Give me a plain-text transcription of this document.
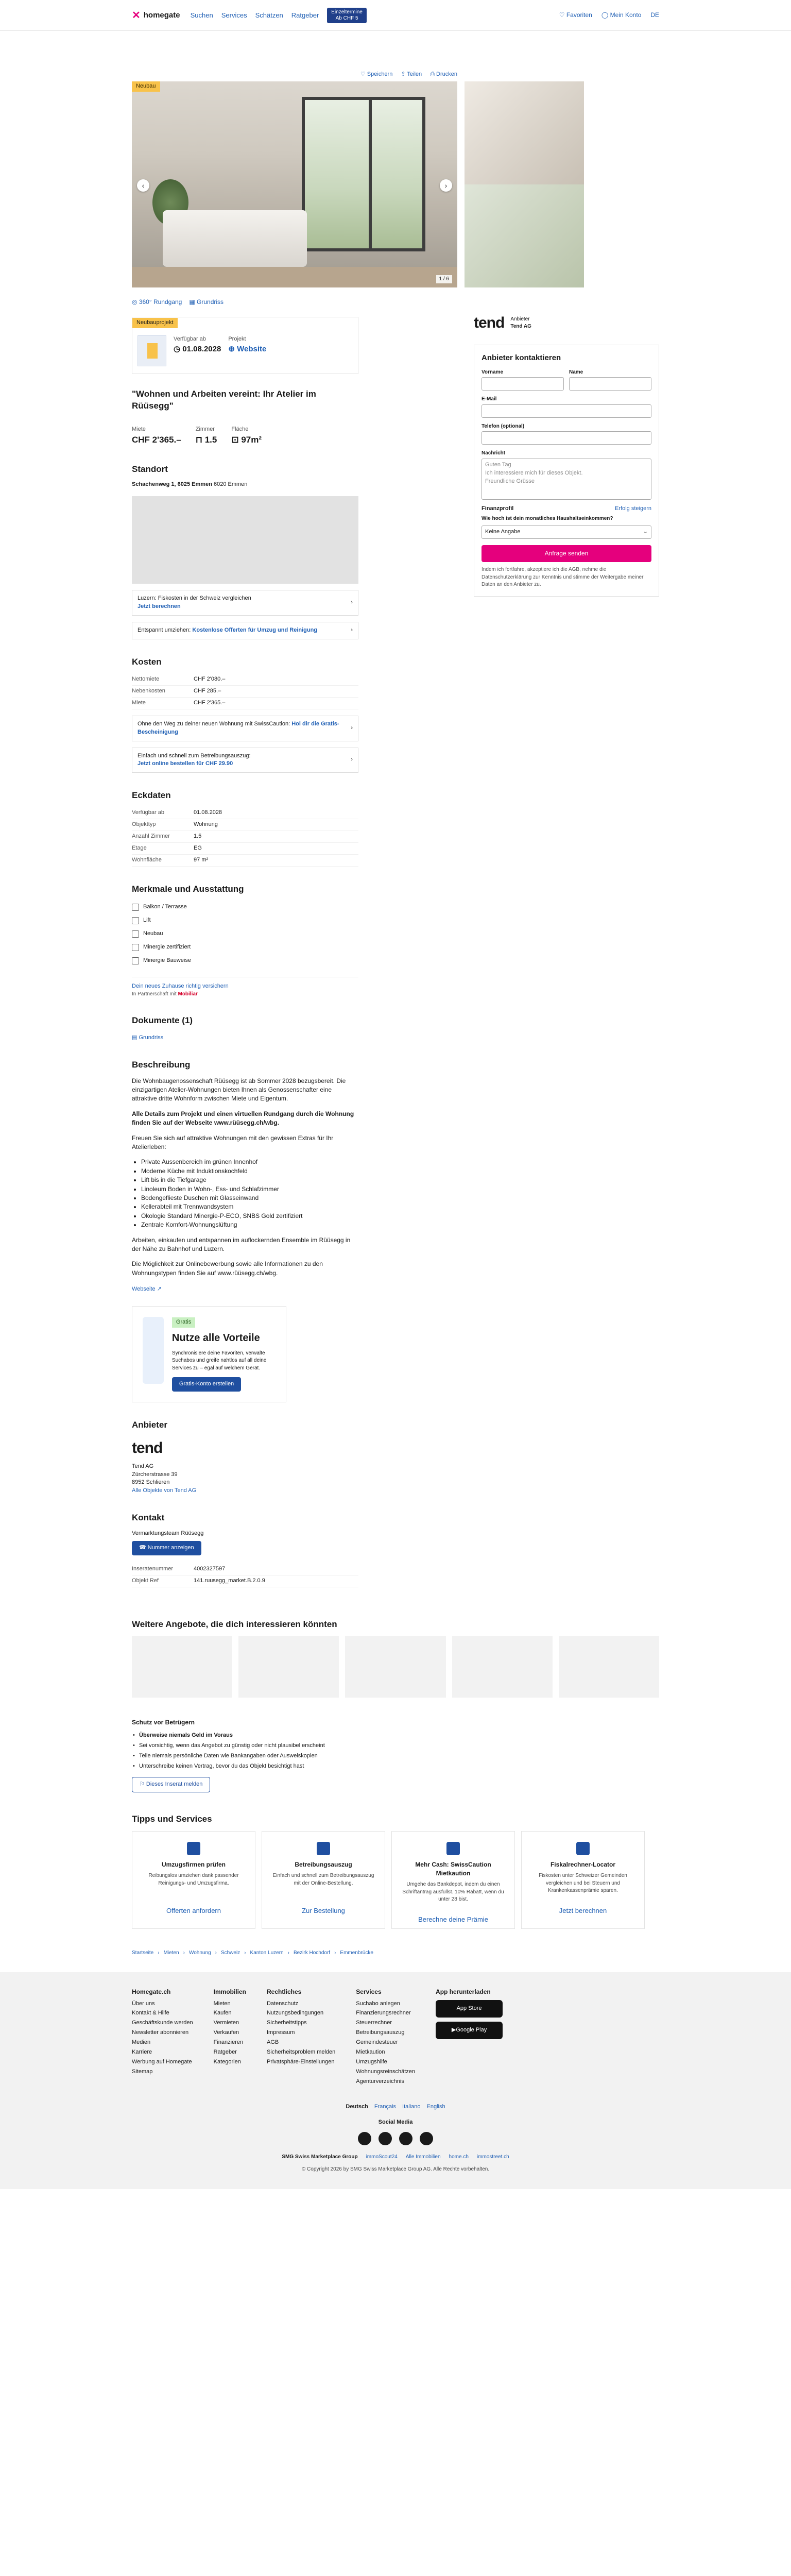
✕ homegate Suchen Services Schätzen Ratgeber	Einzeltermine
Ab CHF 5	♡ Favoriten ◯ Mein Konto DE
♡ Speichern ⇪ Teilen ⎙ Drucken
Neubau
‹	›
1 / 6
◎ 360° Rundgang ▦ Grundriss
Neubauprojekt
Verfügbar ab
◷ 01.08.2028
Projekt
⊕ Website
"Wohnen und Arbeiten vereint: Ihr Atelier im Rüüsegg"
Miete
CHF 2'365.–
Zimmer
⊓ 1.5
Fläche
⊡ 97m²
Standort
Schachenweg 1, 6025 Emmen 6020 Emmen
Luzern: Fiskosten in der Schweiz vergleichen
Jetzt berechnen
›
Entspannt umziehen: Kostenlose Offerten für Umzug und Reinigung	›
Kosten
Nettomiete	CHF 2'080.–
Nebenkosten	CHF 285.–
Miete	CHF 2'365.–
Ohne den Weg zu deiner neuen Wohnung mit SwissCaution: Hol dir die Gratis-Bescheinigung
›
Einfach und schnell zum Betreibungsauszug:
Jetzt online bestellen für CHF 29.90
›
Eckdaten
Verfügbar ab	01.08.2028
Objekttyp	Wohnung
Anzahl Zimmer	1.5
Etage	EG
Wohnfläche	97 m²
Merkmale und Ausstattung
Balkon / Terrasse
Lift
Neubau
Minergie zertifiziert
Minergie Bauweise
Dein neues Zuhause richtig versichern
In Partnerschaft mit Mobiliar
Dokumente (1)
▤ Grundriss
Beschreibung

Die Wohnbaugenossenschaft Rüüsegg ist ab Sommer 2028 bezugsbereit. Die einzigartigen Atelier-Wohnungen bieten Ihnen als Genossenschafter eine attraktive dritte Wohnform zwischen Miete und Eigentum.

Alle Details zum Projekt und einen virtuellen Rundgang durch die Wohnung finden Sie auf der Webseite www.rüüsegg.ch/wbg.

Freuen Sie sich auf attraktive Wohnungen mit den gewissen Extras für Ihr Atelierleben:

• Private Aussenbereich im grünen Innenhof
• Moderne Küche mit Induktionskochfeld
• Lift bis in die Tiefgarage
• Linoleum Boden in Wohn-, Ess- und Schlafzimmer
• Bodengeflieste Duschen mit Glasseinwand
• Kellerabteil mit Trennwandsystem
• Ökologie Standard Minergie-P-ECO, SNBS Gold zertifiziert
• Zentrale Komfort-Wohnungslüftung

Arbeiten, einkaufen und entspannen im auflockernden Ensemble im Rüüsegg in der Nähe zu Bahnhof und Luzern.

Die Möglichkeit zur Onlinebewerbung sowie alle Informationen zu den Wohnungstypen finden Sie auf www.rüüsegg.ch/wbg.

Webseite ↗
Gratis
Nutze alle Vorteile

Synchronisiere deine Favoriten, verwalte Suchabos und greife nahtlos auf all deine Services zu – egal auf welchem Gerät.

Gratis-Konto erstellen
Anbieter
tend
Tend AG
Zürcherstrasse 39
8952 Schlieren
Alle Objekte von Tend AG
Kontakt
Vermarktungsteam Rüüsegg
☎ Nummer anzeigen
Inseratenummer	4002327597
Objekt Ref	141.ruusegg_market.B.2.0.9
tend Anbieter
Tend AG
Anbieter kontaktieren
Vorname	Name
E-Mail
Telefon (optional)
Nachricht
Guten Tag
Ich interessiere mich für dieses Objekt.
Freundliche Grüsse
Finanzprofil	Erfolg steigern
Wie hoch ist dein monatliches Haushaltseinkommen?
Keine Angabe	⌄
Anfrage senden

Indem ich fortfahre, akzeptiere ich die AGB, nehme die Datenschutzerklärung zur Kenntnis und stimme der Weitergabe meiner Daten an den Anbieter zu.

Weitere Angebote, die dich interessieren könnten
Schutz vor Betrügern
• Überweise niemals Geld im Voraus
• Sei vorsichtig, wenn das Angebot zu günstig oder nicht plausibel erscheint
• Teile niemals persönliche Daten wie Bankangaben oder Ausweiskopien
• Unterschreibe keinen Vertrag, bevor du das Objekt besichtigt hast
⚐ Dieses Inserat melden
Tipps und Services
Umzugsfirmen prüfen

Reibungslos umziehen dank passender Reinigungs- und Umzugsfirma.

Offerten anfordern
Betreibungsauszug

Einfach und schnell zum Betreibungsauszug mit der Online-Bestellung.

Zur Bestellung
Mehr Cash: SwissCaution Mietkaution

Umgehe das Bankdepot, indem du einen Schriftantrag ausfüllst. 10% Rabatt, wenn du unter 28 bist.

Berechne deine Prämie
Fiskalrechner-Locator

Fiskosten unter Schweizer Gemeinden vergleichen und bei Steuern und Krankenkassenprämie sparen.

Jetzt berechnen
Startseite › Mieten › Wohnung › Schweiz › Kanton Luzern › Bezirk Hochdorf › Emmenbrücke
Homegate.ch
Über uns
Kontakt & Hilfe
Geschäftskunde werden
Newsletter abonnieren
Medien
Karriere
Werbung auf Homegate
Sitemap
Immobilien
Mieten
Kaufen
Vermieten
Verkaufen
Finanzieren
Ratgeber
Kategorien
Rechtliches
Datenschutz
Nutzungsbedingungen
Sicherheitstipps
Impressum
AGB
Sicherheitsproblem melden
Privatsphäre-Einstellungen
Services
Suchabo anlegen
Finanzierungsrechner
Steuerrechner
Betreibungsauszug
Gemeindesteuer
Mietkaution
Umzugshilfe
Wohnungsreinschätzen
Agenturverzeichnis
App herunterladen
App Store
▶ Google Play
Deutsch Français Italiano English
Social Media
SMG Swiss Marketplace Group immoScout24 Alle Immobilien home.ch immostreet.ch
© Copyright 2026 by SMG Swiss Marketplace Group AG. Alle Rechte vorbehalten.
